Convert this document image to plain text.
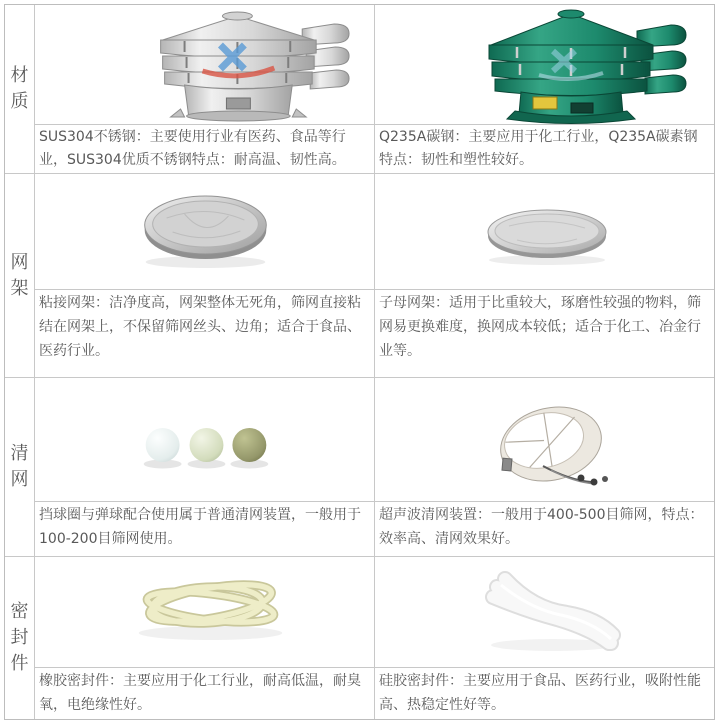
材质
SUS304不锈钢：主要使用行业有医药、食品等行业，SUS304优质不锈钢特点：耐高温、韧性高。
Q235A碳钢：主要应用于化工行业，Q235A碳素钢特点：韧性和塑性较好。
网架
粘接网架：洁净度高，网架整体无死角，筛网直接粘结在网架上，不保留筛网丝头、边角；适合于食品、医药行业。
子母网架：适用于比重较大，琢磨性较强的物料，筛网易更换难度，换网成本较低；适合于化工、冶金行业等。
清网
挡球圈与弹球配合使用属于普通清网装置，一般用于100-200目筛网使用。
超声波清网装置：一般用于400-500目筛网，特点：效率高、清网效果好。
密封件
橡胶密封件：主要应用于化工行业，耐高低温，耐臭氧，电绝缘性好。
硅胶密封件：主要应用于食品、医药行业，吸附性能高、热稳定性好等。
